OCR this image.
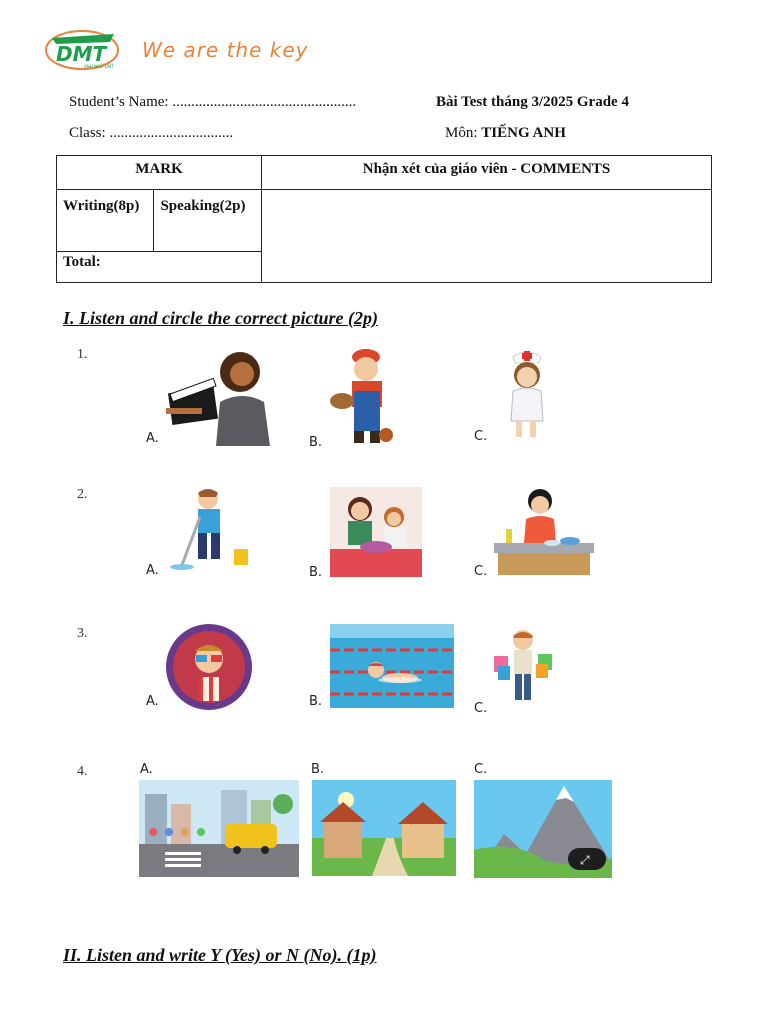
DMT
ANH NGỮ DMT
We are the key
Student’s Name: .................................................
Class: .................................
Bài Test tháng 3/2025 Grade 4
Môn: TIẾNG ANH
MARK		Nhận xét của giáo viên - COMMENTS
Writing(8p)	Speaking(2p)	
Total:		
I. Listen and circle the correct picture (2p)
1.
A.	B.	C.
2.
A.	B.	C.
3.
A.	B.	C.
4.	A.	B.	C.
⤢
II. Listen and write Y (Yes) or N (No). (1p)
